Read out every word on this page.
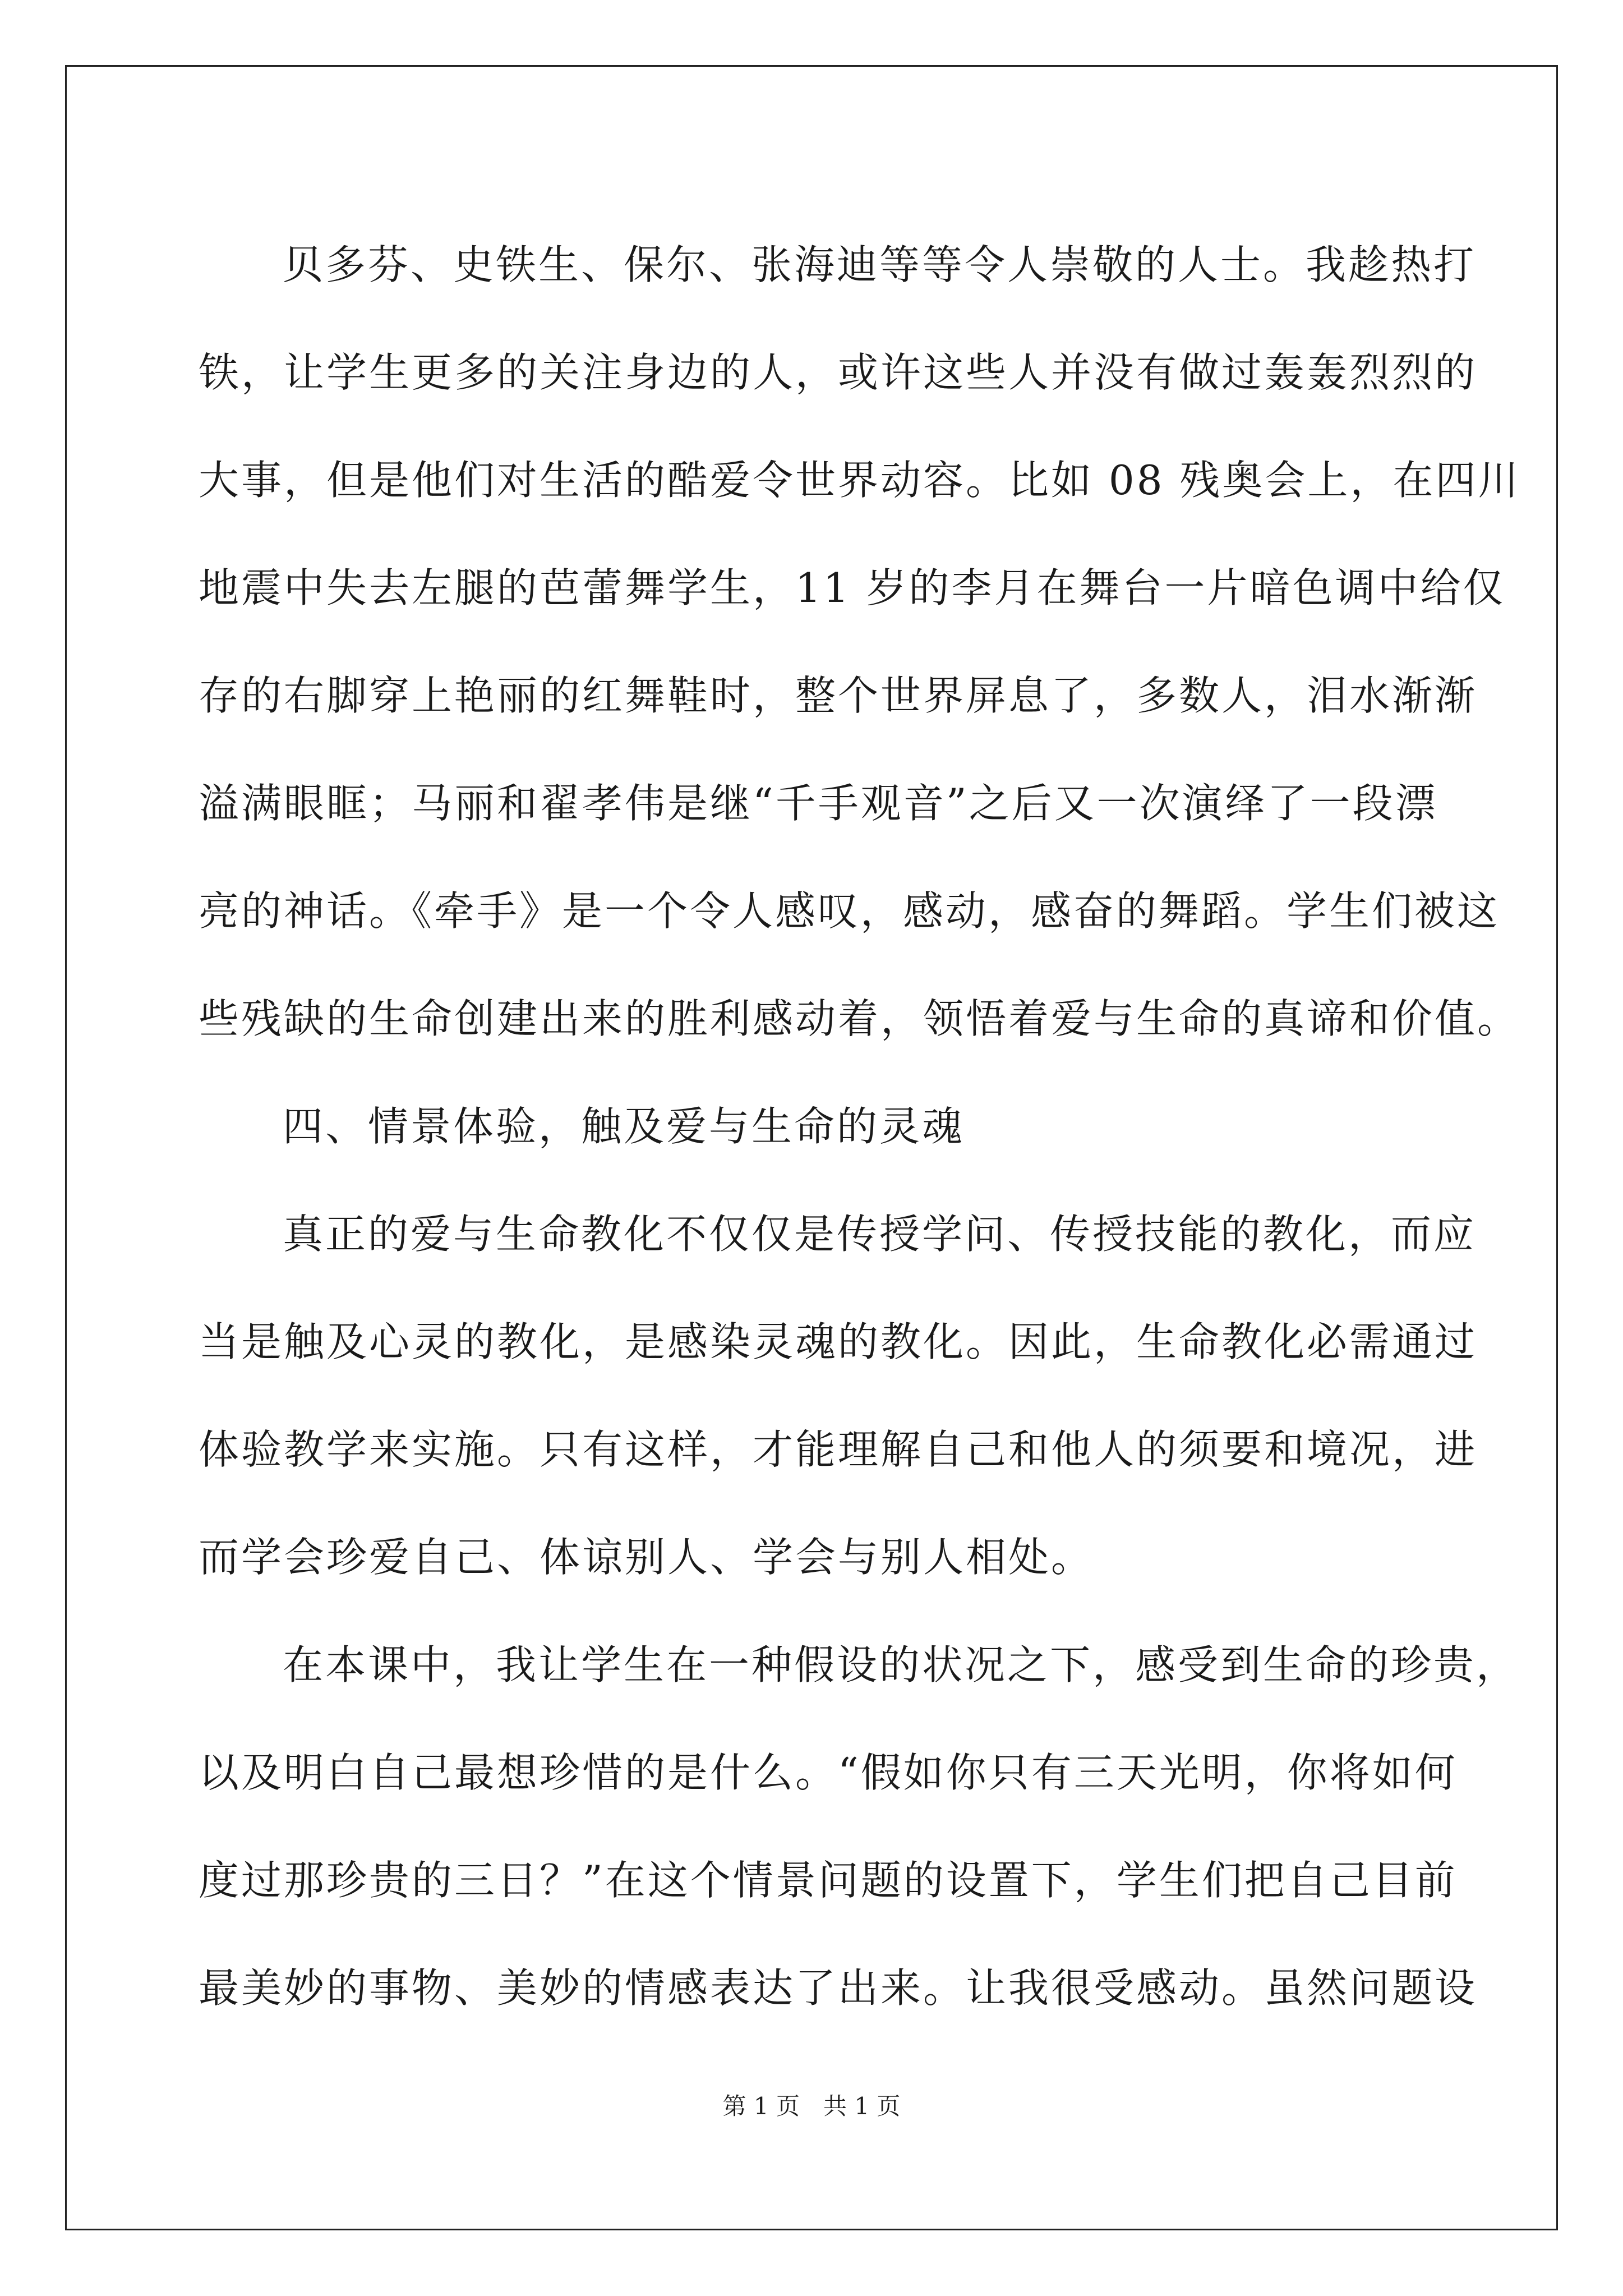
贝多芬、史铁生、保尔、张海迪等等令人崇敬的人士。我趁热打
铁，让学生更多的关注身边的人，或许这些人并没有做过轰轰烈烈的
大事，但是他们对生活的酷爱令世界动容。比如 08 残奥会上，在四川
地震中失去左腿的芭蕾舞学生，11 岁的李月在舞台一片暗色调中给仅
存的右脚穿上艳丽的红舞鞋时，整个世界屏息了，多数人，泪水渐渐
溢满眼眶；马丽和翟孝伟是继“千手观音”之后又一次演绎了一段漂
亮的神话。《牵手》是一个令人感叹，感动，感奋的舞蹈。学生们被这
些残缺的生命创建出来的胜利感动着，领悟着爱与生命的真谛和价值。
四、情景体验，触及爱与生命的灵魂
真正的爱与生命教化不仅仅是传授学问、传授技能的教化，而应
当是触及心灵的教化，是感染灵魂的教化。因此，生命教化必需通过
体验教学来实施。只有这样，才能理解自己和他人的须要和境况，进
而学会珍爱自己、体谅别人、学会与别人相处。
在本课中，我让学生在一种假设的状况之下，感受到生命的珍贵，
以及明白自己最想珍惜的是什么。“假如你只有三天光明，你将如何
度过那珍贵的三日？”在这个情景问题的设置下，学生们把自己目前
最美妙的事物、美妙的情感表达了出来。让我很受感动。虽然问题设
第 1 页　共 1 页
